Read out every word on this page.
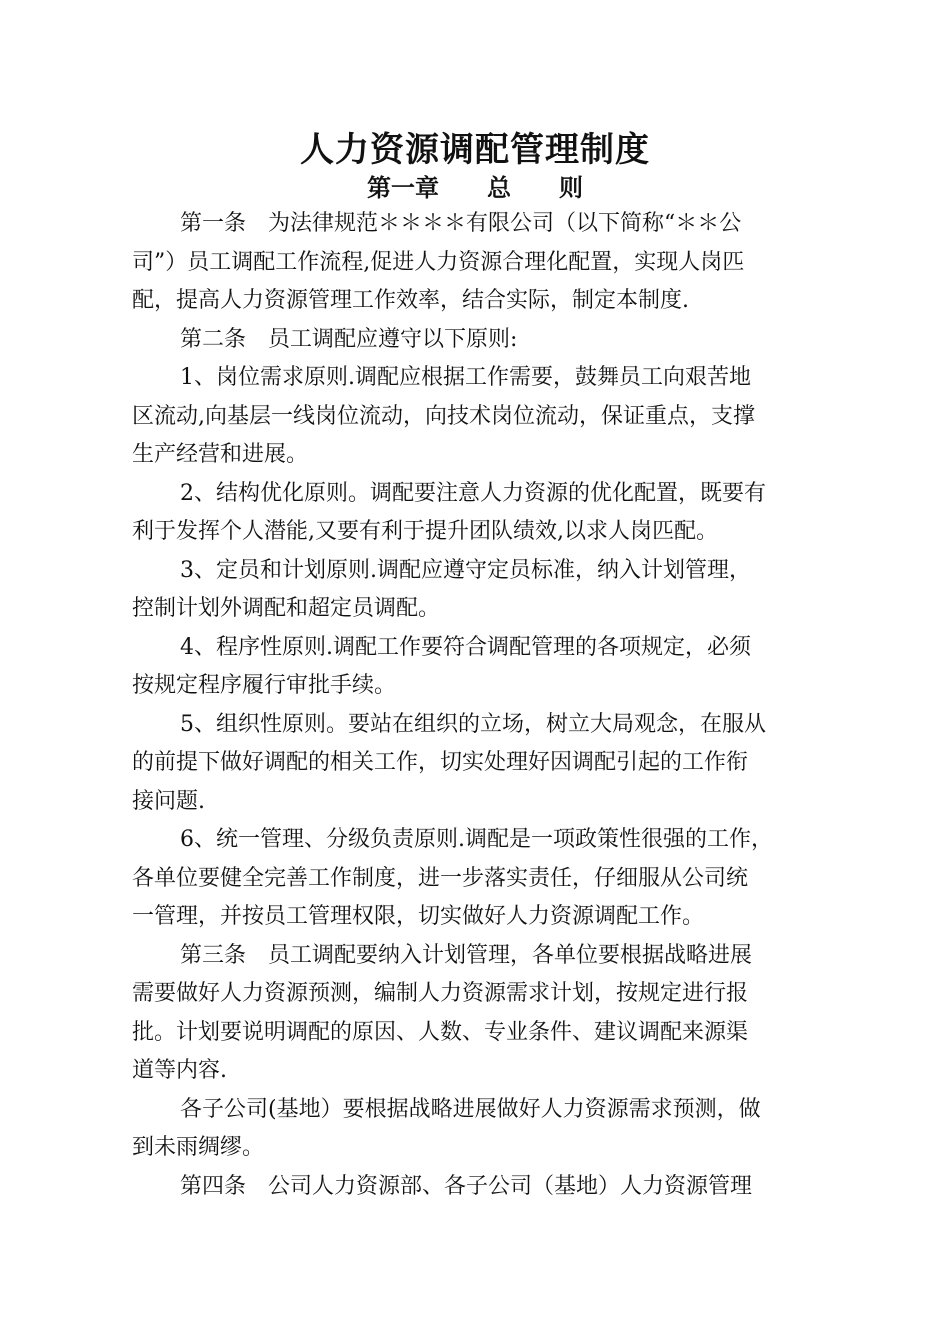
人力资源调配管理制度
第一章　　总　　则
第一条　为法律规范＊＊＊＊有限公司（以下简称“＊＊公
司”）员工调配工作流程,促进人力资源合理化配置，实现人岗匹
配，提高人力资源管理工作效率，结合实际，制定本制度.
第二条　员工调配应遵守以下原则:
1、岗位需求原则.调配应根据工作需要，鼓舞员工向艰苦地
区流动,向基层一线岗位流动，向技术岗位流动，保证重点，支撑
生产经营和进展。
2、结构优化原则。调配要注意人力资源的优化配置，既要有
利于发挥个人潜能,又要有利于提升团队绩效,以求人岗匹配。
3、定员和计划原则.调配应遵守定员标准，纳入计划管理，
控制计划外调配和超定员调配。
4、程序性原则.调配工作要符合调配管理的各项规定，必须
按规定程序履行审批手续。
5、组织性原则。要站在组织的立场，树立大局观念，在服从
的前提下做好调配的相关工作，切实处理好因调配引起的工作衔
接问题.
6、统一管理、分级负责原则.调配是一项政策性很强的工作，
各单位要健全完善工作制度，进一步落实责任，仔细服从公司统
一管理，并按员工管理权限，切实做好人力资源调配工作。
第三条　员工调配要纳入计划管理，各单位要根据战略进展
需要做好人力资源预测，编制人力资源需求计划，按规定进行报
批。计划要说明调配的原因、人数、专业条件、建议调配来源渠
道等内容.
各子公司(基地）要根据战略进展做好人力资源需求预测，做
到未雨绸缪。
第四条　公司人力资源部、各子公司（基地）人力资源管理
